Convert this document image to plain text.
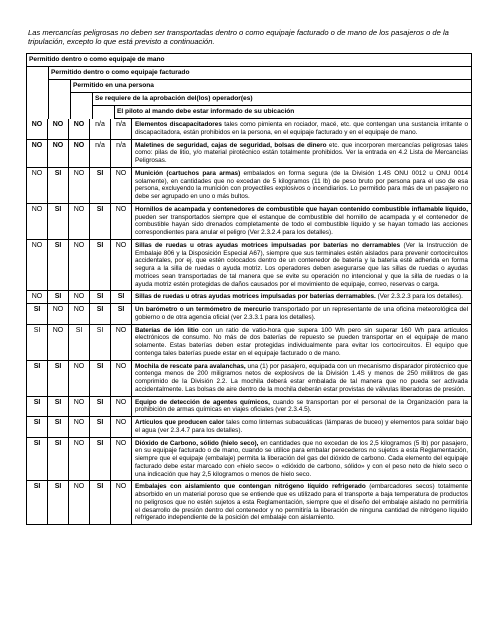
Las mercancías peligrosas no deben ser transportadas dentro o como equipaje facturado o de mano de los pasajeros o de la tripulación, excepto lo que está previsto a continuación.
Permitido dentro o como equipaje de mano
Permitido dentro o como equipaje facturado
Permitido en una persona
Se requiere de la aprobación del(los) operador(es)
El piloto al mando debe estar informado de su ubicación
NO	NO	NO	n/a	n/a	Elementos discapacitadores tales como pimienta en rociador, macé, etc. que contengan una sustancia irritante o discapacitadora, están prohibidos en la persona, en el equipaje facturado y en el equipaje de mano.
NO	NO	NO	n/a	n/a	Maletines de seguridad, cajas de seguridad, bolsas de dinero etc. que incorporen mercancías peligrosas tales como: pilas de litio, y/o material pirotécnico están totalmente prohibidos. Ver la entrada en 4.2 Lista de Mercancías Peligrosas.
NO	SI	NO	SI	NO	Munición (cartuchos para armas) embalados en forma segura (de la División 1.4S ONU 0012 u ONU 0014 solamente), en cantidades que no excedan de 5 kilogramos (11 lb) de peso bruto por persona para el uso de esa persona, excluyendo la munición con proyectiles explosivos o incendiarios. Lo permitido para más de un pasajero no debe ser agrupado en uno o más bultos.
NO	SI	NO	SI	NO	Hornillos de acampada y contenedores de combustible que hayan contenido combustible inflamable líquido, pueden ser transportados siempre que el estanque de combustible del hornillo de acampada y el contenedor de combustible hayan sido drenados completamente de todo el combustible líquido y se hayan tomado las acciones correspondientes para anular el peligro (Ver 2.3.2.4 para los detalles).
NO	SI	NO	SI	NO	Sillas de ruedas u otras ayudas motrices impulsadas por baterías no derramables (Ver la Instrucción de Embalaje 806 y la Disposición Especial A67), siempre que sus terminales estén aislados para prevenir cortocircuitos accidentales, por ej. que estén colocados dentro de un contenedor de batería y la batería esté adherida en forma segura a la silla de ruedas o ayuda motriz. Los operadores deben asegurarse que las sillas de ruedas o ayudas motrices sean transportadas de tal manera que se evite su operación no intencional y que la silla de ruedas o la ayuda motriz estén protegidas de daños causados por el movimiento de equipaje, correo, reservas o carga.
NO	SI	NO	SI	SI	Sillas de ruedas u otras ayudas motrices impulsadas por baterías derramables. (Ver 2.3.2.3 para los detalles).
SI	NO	NO	SI	SI	Un barómetro o un termómetro de mercurio transportado por un representante de una oficina meteorológica del gobierno o de otra agencia oficial (ver 2.3.3.1 para los detalles).
SI	NO	SI	SI	NO	Baterías de ión litio con un ratio de vatio-hora que supera 100 Wh pero sin superar 160 Wh para artículos electrónicos de consumo. No más de dos baterías de repuesto se pueden transportar en el equipaje de mano solamente. Estas baterías deben estar protegidas individualmente para evitar los cortocircuitos. El equipo que contenga tales baterías puede estar en el equipaje facturado o de mano.
SI	SI	NO	SI	NO	Mochila de rescate para avalanchas, una (1) por pasajero, equipada con un mecanismo disparador pirotécnico que contenga menos de 200 miligramos netos de explosivos de la División 1.4S y menos de 250 mililitros de gas comprimido de la División 2.2. La mochila deberá estar embalada de tal manera que no pueda ser activada accidentalmente. Las bolsas de aire dentro de la mochila deberán estar provistas de válvulas liberadoras de presión.
SI	SI	NO	SI	NO	Equipo de detección de agentes químicos, cuando se transportan por el personal de la Organización para la prohibición de armas químicas en viajes oficiales (ver 2.3.4.5).
SI	SI	NO	SI	NO	Artículos que producen calor tales como linternas subacuáticas (lámparas de buceo) y elementos para soldar bajo el agua (ver 2.3.4.7 para los detalles).
SI	SI	NO	SI	NO	Dióxido de Carbono, sólido (hielo seco), en cantidades que no excedan de los 2,5 kilogramos (5 lb) por pasajero, en su equipaje facturado o de mano, cuando se utilice para embalar perecederos no sujetos a esta Reglamentación, siempre que el equipaje (embalaje) permita la liberación del gas del dióxido de carbono. Cada elemento del equipaje facturado debe estar marcado con «hielo seco» o «dióxido de carbono, sólido» y con el peso neto de hielo seco o una indicación que hay 2,5 kilogramos o menos de hielo seco.
SI	SI	NO	SI	NO	Embalajes con aislamiento que contengan nitrógeno líquido refrigerado (embarcadores secos) totalmente absorbido en un material poroso que se entiende que es utilizado para el transporte a baja temperatura de productos no peligrosos que no estén sujetos a esta Reglamentación, siempre que el diseño del embalaje aislado no permitiría el desarrollo de presión dentro del contenedor y no permitiría la liberación de ninguna cantidad de nitrógeno líquido refrigerado independiente de la posición del embalaje con aislamiento.
